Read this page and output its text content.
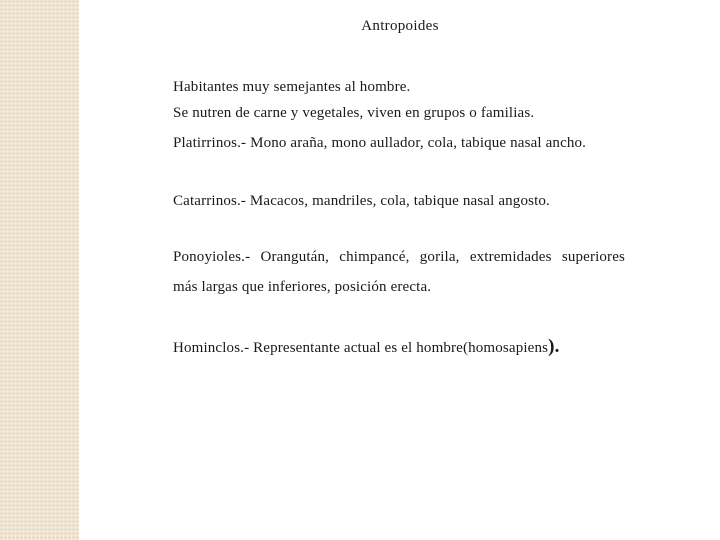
Antropoides
Habitantes muy semejantes al hombre.
Se nutren de carne y vegetales, viven en grupos o familias.
Platirrinos.- Mono araña, mono aullador, cola, tabique nasal ancho.
Catarrinos.- Macacos, mandriles, cola, tabique nasal angosto.
Ponoyioles.- Orangután, chimpancé, gorila, extremidades superiores
más largas que inferiores, posición erecta.
Hominclos.- Representante actual es el hombre(homosapiens).
